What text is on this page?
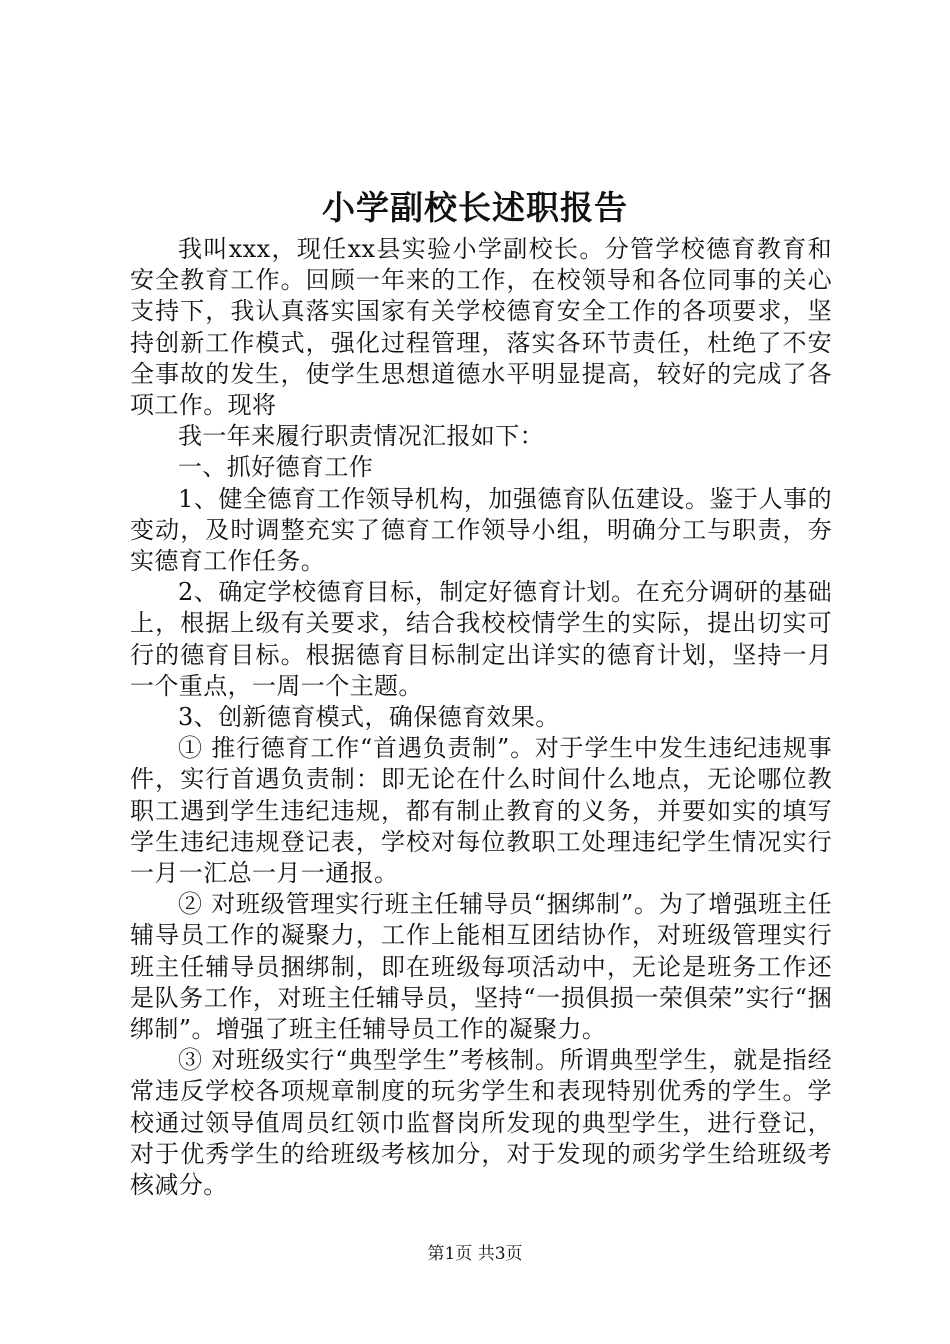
小学副校长述职报告

我叫xxx，现任xx县实验小学副校长。分管学校德育教育和安全教育工作。回顾一年来的工作，在校领导和各位同事的关心支持下，我认真落实国家有关学校德育安全工作的各项要求，坚持创新工作模式，强化过程管理，落实各环节责任，杜绝了不安全事故的发生，使学生思想道德水平明显提高，较好的完成了各项工作。现将

我一年来履行职责情况汇报如下：

一、抓好德育工作

1、健全德育工作领导机构，加强德育队伍建设。鉴于人事的变动，及时调整充实了德育工作领导小组，明确分工与职责，夯实德育工作任务。

2、确定学校德育目标，制定好德育计划。在充分调研的基础上，根据上级有关要求，结合我校校情学生的实际，提出切实可行的德育目标。根据德育目标制定出详实的德育计划，坚持一月一个重点，一周一个主题。

3、创新德育模式，确保德育效果。

① 推行德育工作“首遇负责制”。对于学生中发生违纪违规事件，实行首遇负责制：即无论在什么时间什么地点，无论哪位教职工遇到学生违纪违规，都有制止教育的义务，并要如实的填写学生违纪违规登记表，学校对每位教职工处理违纪学生情况实行一月一汇总一月一通报。

② 对班级管理实行班主任辅导员“捆绑制”。为了增强班主任辅导员工作的凝聚力，工作上能相互团结协作，对班级管理实行班主任辅导员捆绑制，即在班级每项活动中，无论是班务工作还是队务工作，对班主任辅导员，坚持“一损俱损一荣俱荣”实行“捆绑制”。增强了班主任辅导员工作的凝聚力。

③ 对班级实行“典型学生”考核制。所谓典型学生，就是指经常违反学校各项规章制度的玩劣学生和表现特别优秀的学生。学校通过领导值周员红领巾监督岗所发现的典型学生，进行登记，对于优秀学生的给班级考核加分，对于发现的顽劣学生给班级考核减分。

第1页 共3页
